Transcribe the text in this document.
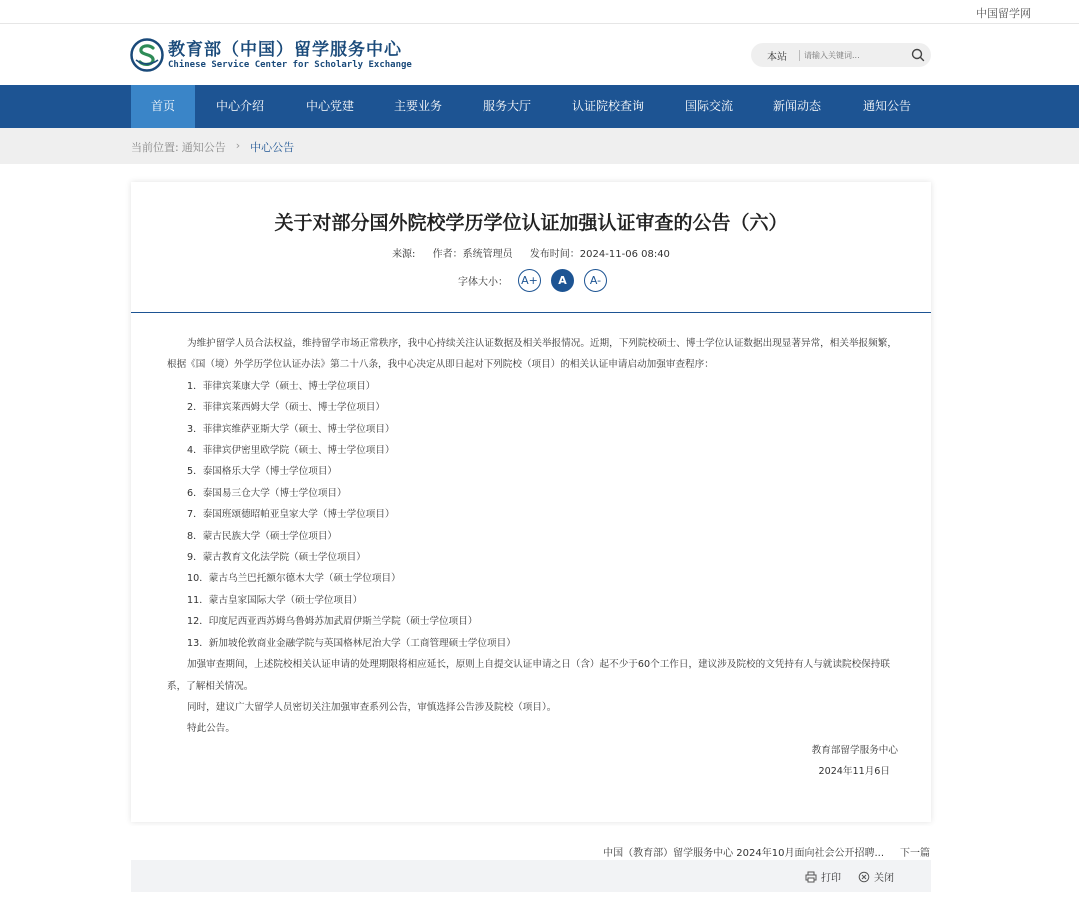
中国留学网
教育部（中国）留学服务中心
Chinese Service Center for Scholarly Exchange
本站
请输入关键词...
首页	中心介绍	中心党建	主要业务	服务大厅	认证院校查询	国际交流	新闻动态	通知公告
当前位置: 通知公告 › 中心公告
关于对部分国外院校学历学位认证加强认证审查的公告（六）
来源: 作者：系统管理员 发布时间：2024-11-06 08:40
字体大小： A+	A	A-

为维护留学人员合法权益，维持留学市场正常秩序，我中心持续关注认证数据及相关举报情况。近期，下列院校硕士、博士学位认证数据出现显著异常，相关举报频繁，根据《国（境）外学历学位认证办法》第二十八条，我中心决定从即日起对下列院校（项目）的相关认证申请启动加强审查程序：

1．菲律宾莱康大学（硕士、博士学位项目）

2．菲律宾莱西姆大学（硕士、博士学位项目）

3．菲律宾维萨亚斯大学（硕士、博士学位项目）

4．菲律宾伊密里欧学院（硕士、博士学位项目）

5．泰国格乐大学（博士学位项目）

6．泰国易三仓大学（博士学位项目）

7．泰国班颂德昭帕亚皇家大学（博士学位项目）

8．蒙古民族大学（硕士学位项目）

9．蒙古教育文化法学院（硕士学位项目）

10．蒙古乌兰巴托额尔德木大学（硕士学位项目）

11．蒙古皇家国际大学（硕士学位项目）

12．印度尼西亚西苏姆乌鲁姆苏加武眉伊斯兰学院（硕士学位项目）

13．新加坡伦敦商业金融学院与英国格林尼治大学（工商管理硕士学位项目）

加强审查期间，上述院校相关认证申请的处理期限将相应延长，原则上自提交认证申请之日（含）起不少于60个工作日，建议涉及院校的文凭持有人与就读院校保持联系，了解相关情况。

同时，建议广大留学人员密切关注加强审查系列公告，审慎选择公告涉及院校（项目）。

特此公告。

教育部留学服务中心

2024年11月6日

中国（教育部）留学服务中心 2024年10月面向社会公开招聘... 下一篇
打印	关闭
